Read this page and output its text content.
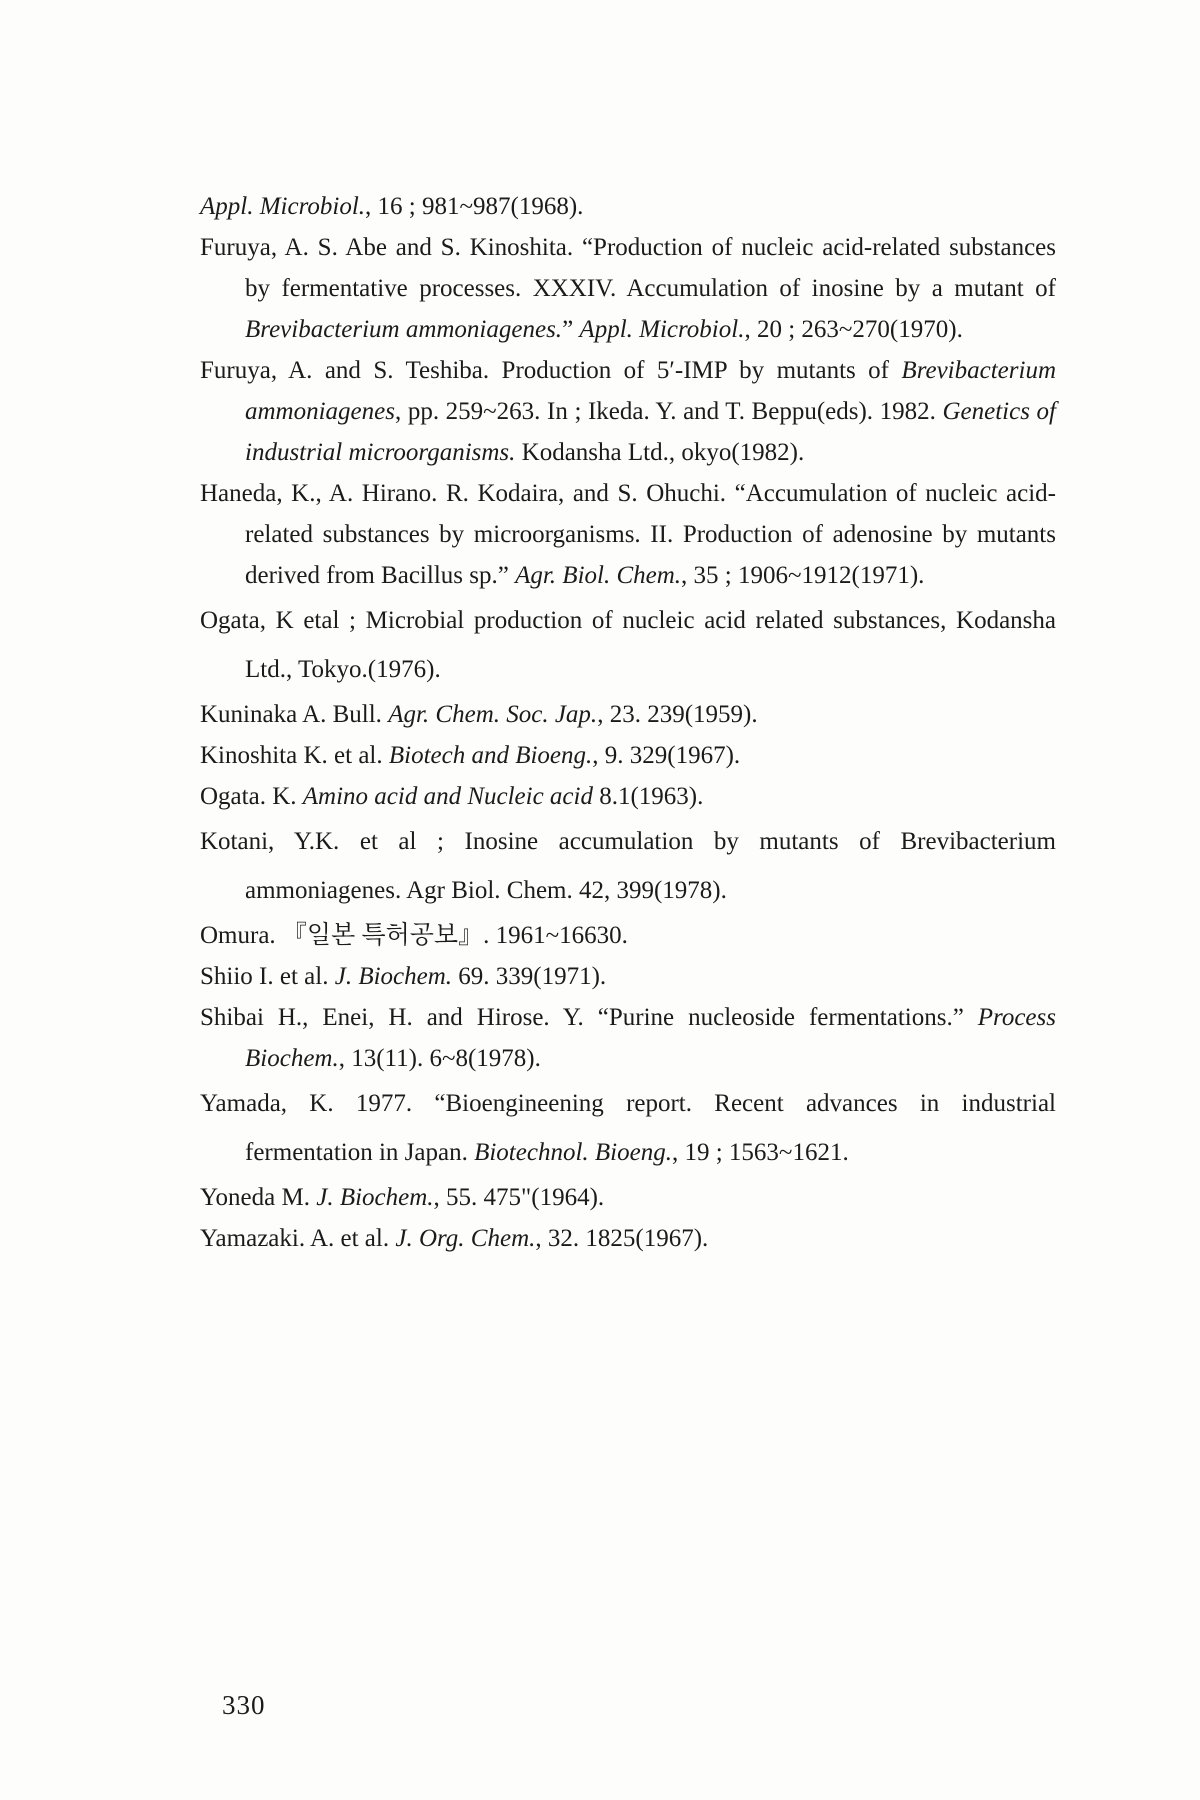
Appl. Microbiol., 16 ; 981~987(1968).

Furuya, A. S. Abe and S. Kinoshita. “Production of nucleic acid-related substances by fermentative processes. XXXIV. Accumulation of inosine by a mutant of Brevibacterium ammoniagenes.” Appl. Microbiol., 20 ; 263~270(1970).

Furuya, A. and S. Teshiba. Production of 5′-IMP by mutants of Brevibacterium ammoniagenes, pp. 259~263. In ; Ikeda. Y. and T. Beppu(eds). 1982. Genetics of industrial microorganisms. Kodansha Ltd., okyo(1982).

Haneda, K., A. Hirano. R. Kodaira, and S. Ohuchi. “Accumulation of nucleic acid-related substances by microorganisms. II. Production of adenosine by mutants derived from Bacillus sp.” Agr. Biol. Chem., 35 ; 1906~1912(1971).

Ogata, K etal ; Microbial production of nucleic acid related substances, Kodansha Ltd., Tokyo.(1976).

Kuninaka A. Bull. Agr. Chem. Soc. Jap., 23. 239(1959).

Kinoshita K. et al. Biotech and Bioeng., 9. 329(1967).

Ogata. K. Amino acid and Nucleic acid 8.1(1963).

Kotani, Y.K. et al ; Inosine accumulation by mutants of Brevibacterium ammoniagenes. Agr Biol. Chem. 42, 399(1978).

Omura. 『일본 특허공보』. 1961~16630.

Shiio I. et al. J. Biochem. 69. 339(1971).

Shibai H., Enei, H. and Hirose. Y. “Purine nucleoside fermentations.” Process Biochem., 13(11). 6~8(1978).

Yamada, K. 1977. “Bioengineening report. Recent advances in industrial fermentation in Japan. Biotechnol. Bioeng., 19 ; 1563~1621.

Yoneda M. J. Biochem., 55. 475"(1964).

Yamazaki. A. et al. J. Org. Chem., 32. 1825(1967).

330
